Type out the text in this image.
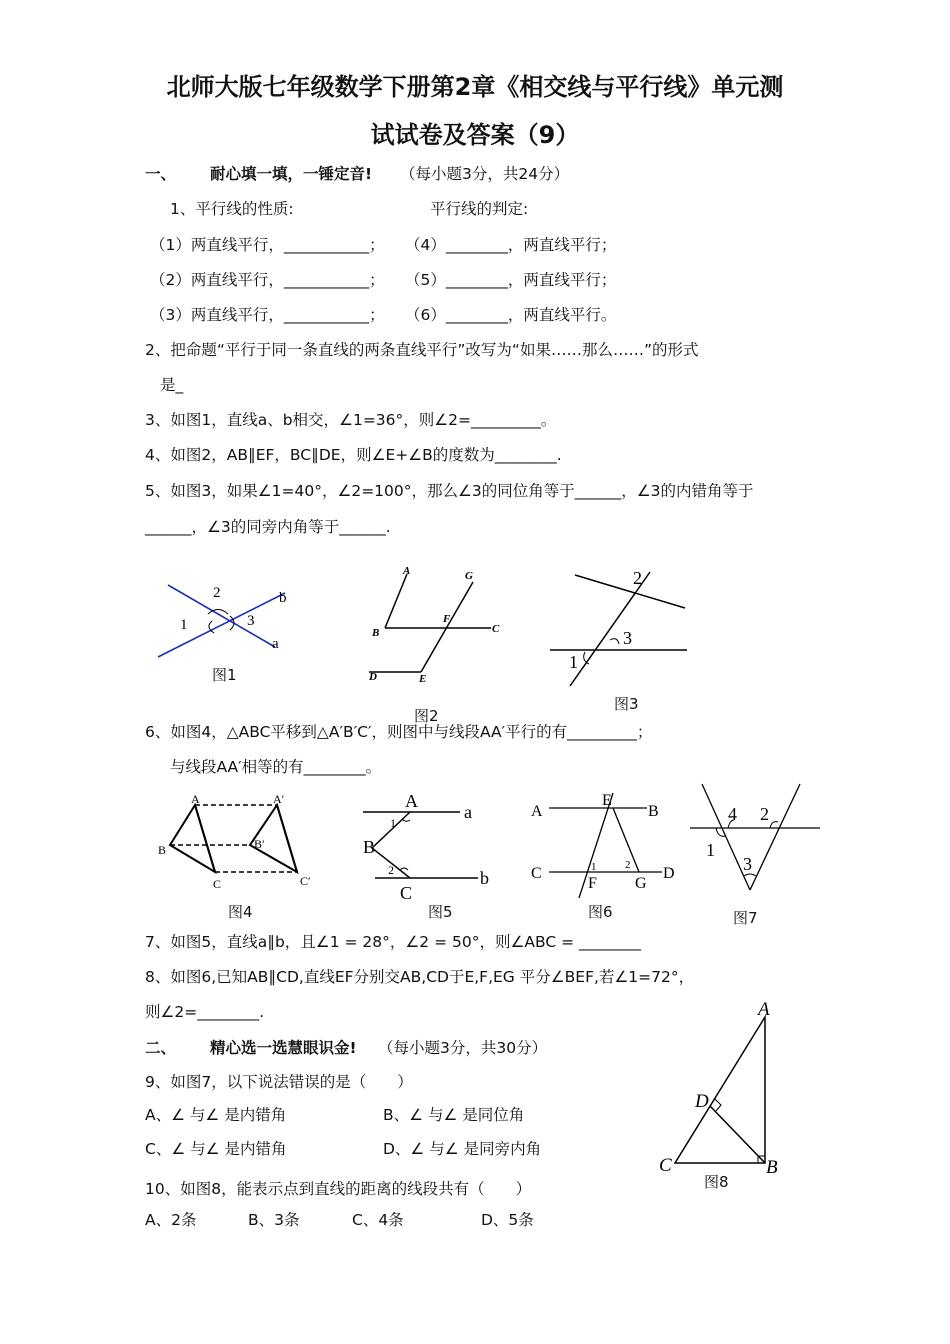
北师大版七年级数学下册第2章《相交线与平行线》单元测
试试卷及答案（9）
一、 耐心填一填，一锤定音! （每小题3分，共24分）
1、平行线的性质:	平行线的判定:
（1）两直线平行，___________； （4）________，两直线平行；
（2）两直线平行，___________； （5）________，两直线平行；
（3）两直线平行，___________； （6）________，两直线平行。
2、把命题“平行于同一条直线的两条直线平行”改写为“如果……那么……”的形式
是_
3、如图1，直线a、b相交，∠1=36°，则∠2=_________。
4、如图2，AB∥EF，BC∥DE，则∠E+∠B的度数为________.
5、如图3，如果∠1=40°，∠2=100°，那么∠3的同位角等于______，∠3的内错角等于
______，∠3的同旁内角等于______.
1
2
3
a
b
图1
A	G
B
F
C
D	E
图2
1
2
3
图3
6、如图4，△ABC平移到△A′B′C′，则图中与线段AA′平行的有_________；
与线段AA′相等的有________。
A	A′
B	B′
C	C′
图4
A
a
1
B
2
C
b
图5
A
E
B
C
F G
D
1	2
图6
1
2
3
4
图7
7、如图5，直线a∥b，且∠1 = 28°，∠2 = 50°，则∠ABC = ________
8、如图6,已知AB∥CD,直线EF分别交AB,CD于E,F,EG 平分∠BEF,若∠1=72°，
则∠2=________.
二、 精心选一选慧眼识金! （每小题3分，共30分）
9、如图7，以下说法错误的是（　　）
A、∠ 与∠ 是内错角	B、∠ 与∠ 是同位角
C、∠ 与∠ 是内错角	D、∠ 与∠ 是同旁内角
A
D
C	B
图8
10、如图8，能表示点到直线的距离的线段共有（　　）
A、2条	B、3条	C、4条	D、5条
